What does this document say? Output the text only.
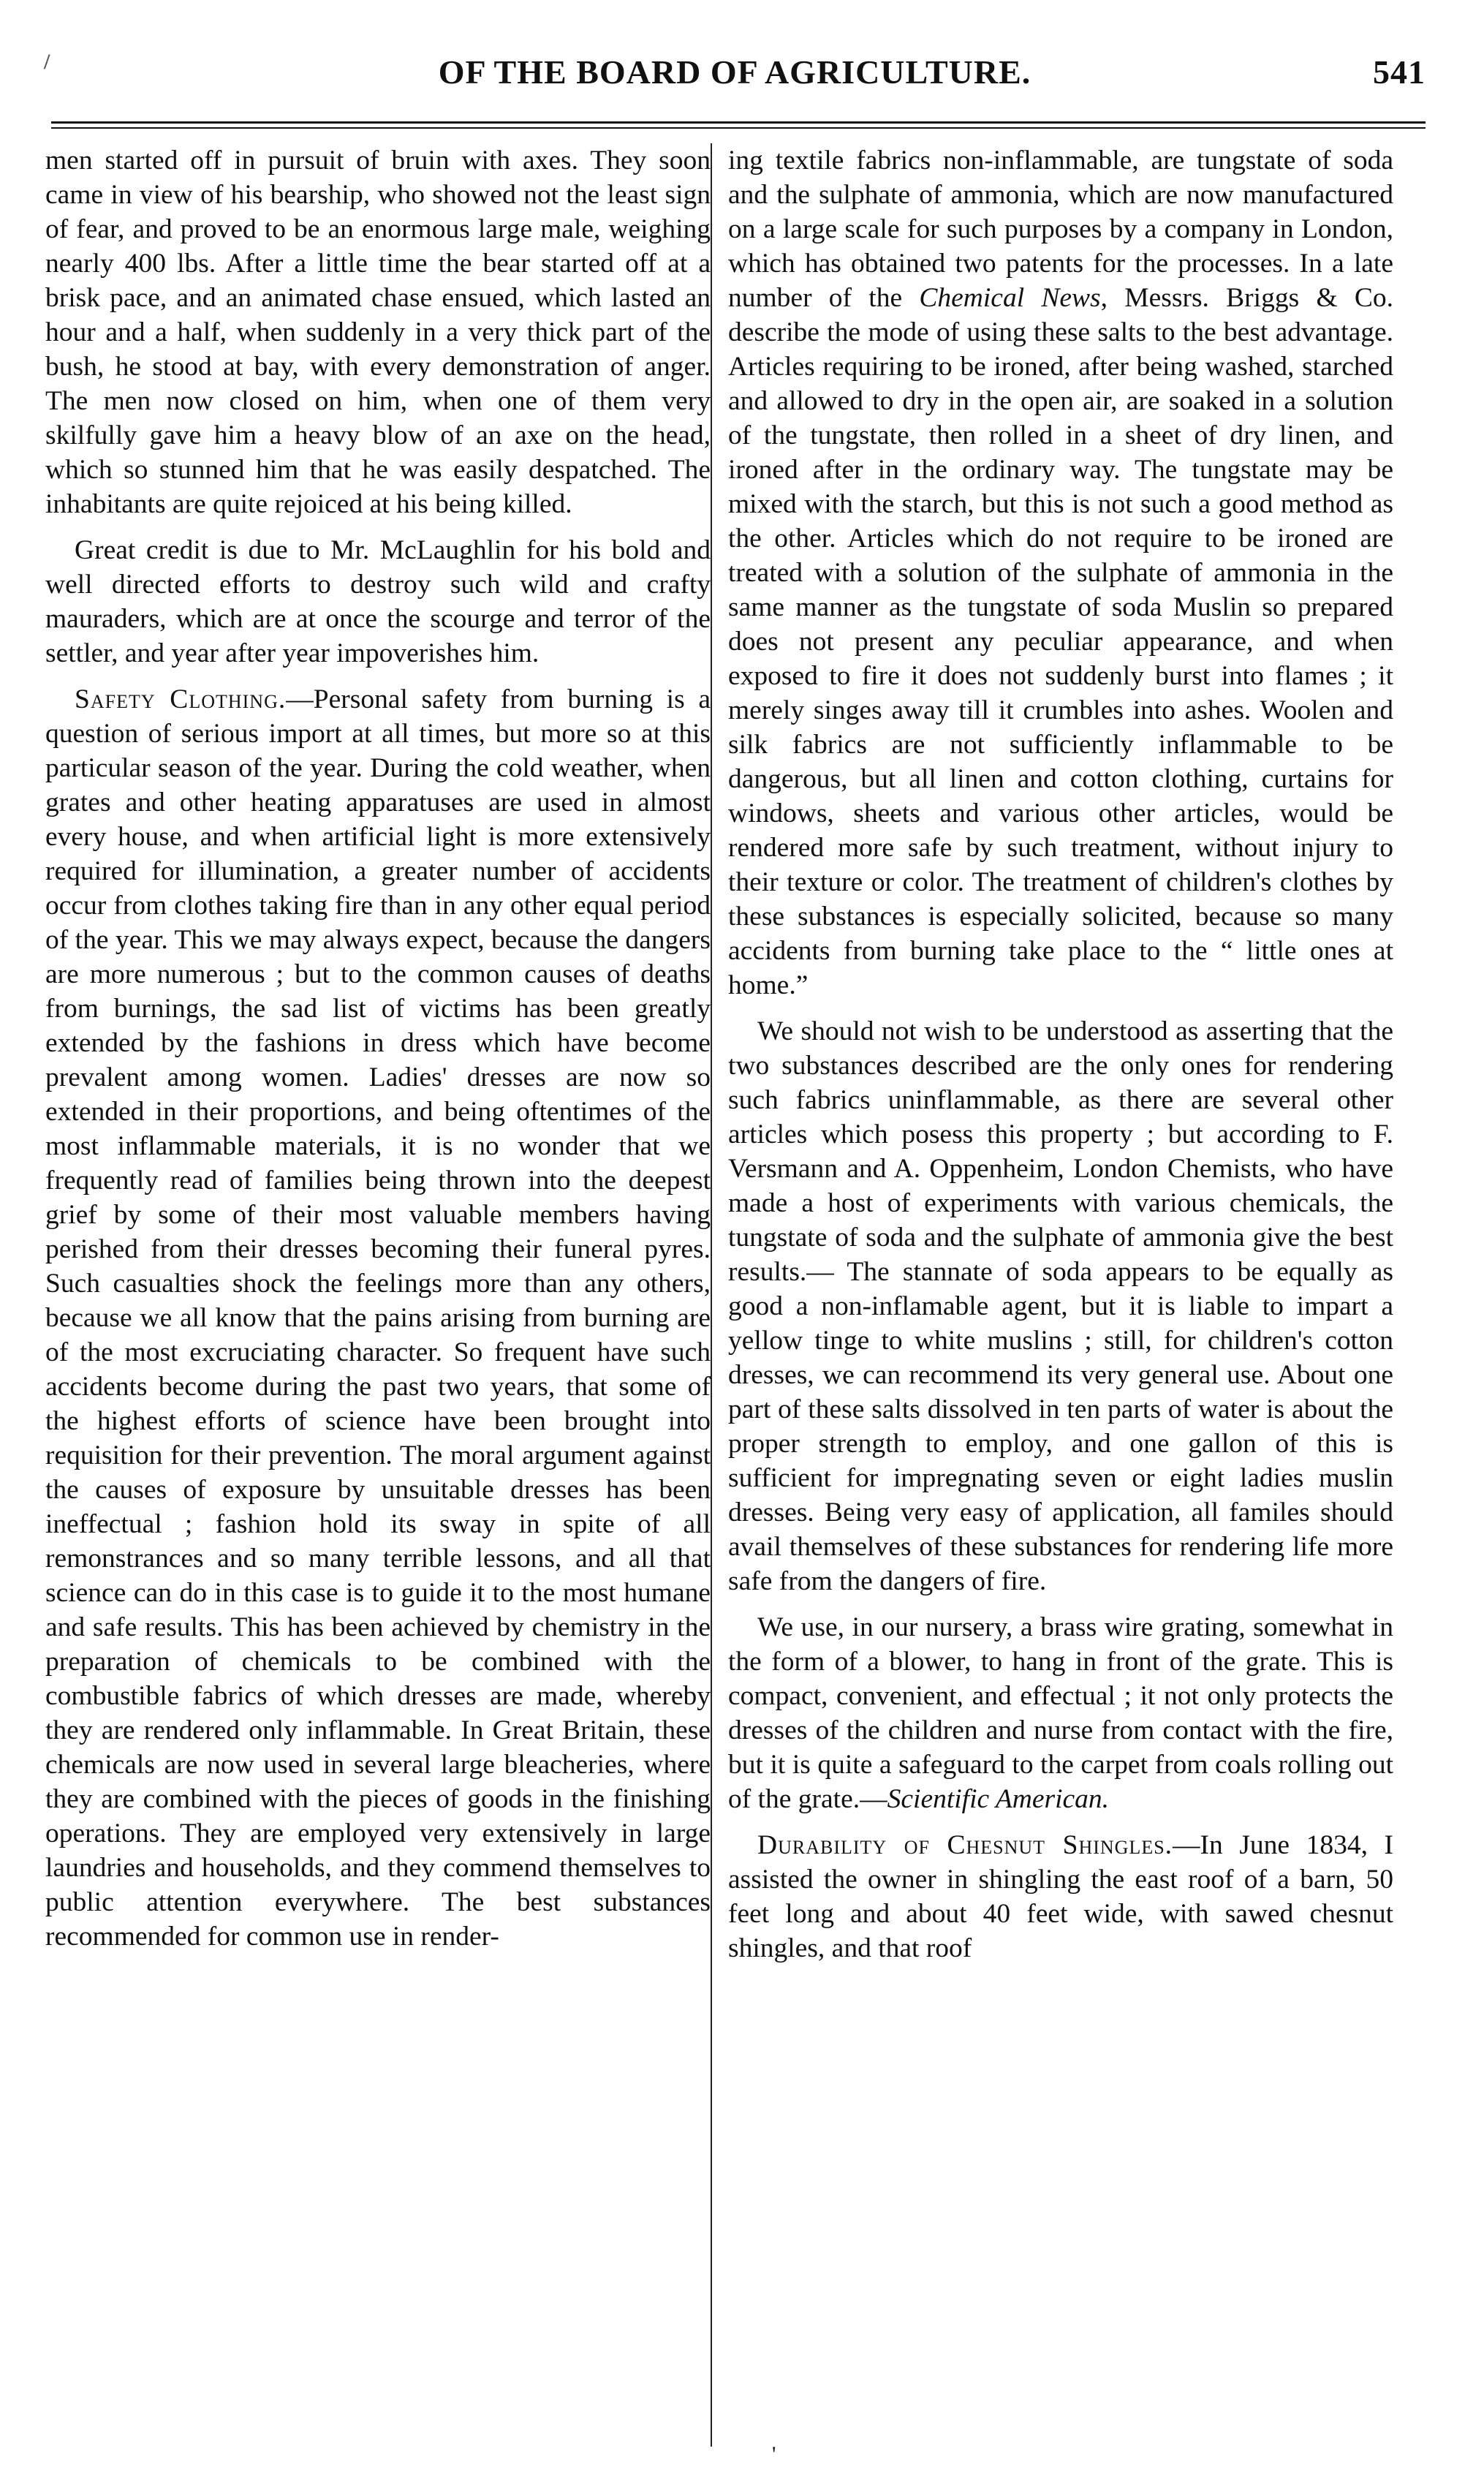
/	OF THE BOARD OF AGRICULTURE.	541

men started off in pursuit of bruin with axes. They soon came in view of his bearship, who showed not the least sign of fear, and proved to be an enormous large male, weighing nearly 400 lbs. After a little time the bear started off at a brisk pace, and an animated chase ensued, which lasted an hour and a half, when suddenly in a very thick part of the bush, he stood at bay, with every demonstration of anger. The men now closed on him, when one of them very skilfully gave him a heavy blow of an axe on the head, which so stunned him that he was easily despatched. The inhabitants are quite rejoiced at his being killed.

Great credit is due to Mr. McLaughlin for his bold and well directed efforts to destroy such wild and crafty mauraders, which are at once the scourge and terror of the settler, and year after year impoverishes him.

Safety Clothing.—Personal safety from burning is a question of serious import at all times, but more so at this particular season of the year. During the cold weather, when grates and other heating apparatuses are used in almost every house, and when artificial light is more extensively required for illumination, a greater number of accidents occur from clothes taking fire than in any other equal period of the year. This we may always expect, because the dangers are more numerous ; but to the common causes of deaths from burnings, the sad list of victims has been greatly extended by the fashions in dress which have become prevalent among women. Ladies' dresses are now so extended in their proportions, and being oftentimes of the most inflammable materials, it is no wonder that we frequently read of families being thrown into the deepest grief by some of their most valuable members having perished from their dresses becoming their funeral pyres. Such casualties shock the feelings more than any others, because we all know that the pains arising from burning are of the most excruciating character. So frequent have such accidents become during the past two years, that some of the highest efforts of science have been brought into requisition for their prevention. The moral argument against the causes of exposure by unsuitable dresses has been ineffectual ; fashion hold its sway in spite of all remonstrances and so many terrible lessons, and all that science can do in this case is to guide it to the most humane and safe results. This has been achieved by chemistry in the preparation of chemicals to be combined with the combustible fabrics of which dresses are made, whereby they are rendered only inflammable. In Great Britain, these chemicals are now used in several large bleacheries, where they are combined with the pieces of goods in the finishing operations. They are employed very extensively in large laundries and households, and they commend themselves to public attention everywhere. The best substances recommended for common use in render-

ing textile fabrics non-inflammable, are tungstate of soda and the sulphate of ammonia, which are now manufactured on a large scale for such purposes by a company in London, which has obtained two patents for the processes. In a late number of the Chemical News, Messrs. Briggs & Co. describe the mode of using these salts to the best advantage. Articles requiring to be ironed, after being washed, starched and allowed to dry in the open air, are soaked in a solution of the tungstate, then rolled in a sheet of dry linen, and ironed after in the ordinary way. The tungstate may be mixed with the starch, but this is not such a good method as the other. Articles which do not require to be ironed are treated with a solution of the sulphate of ammonia in the same manner as the tungstate of soda Muslin so prepared does not present any peculiar appearance, and when exposed to fire it does not suddenly burst into flames ; it merely singes away till it crumbles into ashes. Woolen and silk fabrics are not sufficiently inflammable to be dangerous, but all linen and cotton clothing, curtains for windows, sheets and various other articles, would be rendered more safe by such treatment, without injury to their texture or color. The treatment of children's clothes by these substances is especially solicited, because so many accidents from burning take place to the “ little ones at home.”

We should not wish to be understood as asserting that the two substances described are the only ones for rendering such fabrics uninflammable, as there are several other articles which posess this property ; but according to F. Versmann and A. Oppenheim, London Chemists, who have made a host of experiments with various chemicals, the tungstate of soda and the sulphate of ammonia give the best results.— The stannate of soda appears to be equally as good a non-inflamable agent, but it is liable to impart a yellow tinge to white muslins ; still, for children's cotton dresses, we can recommend its very general use. About one part of these salts dissolved in ten parts of water is about the proper strength to employ, and one gallon of this is sufficient for impregnating seven or eight ladies muslin dresses. Being very easy of application, all familes should avail themselves of these substances for rendering life more safe from the dangers of fire.

We use, in our nursery, a brass wire grating, somewhat in the form of a blower, to hang in front of the grate. This is compact, convenient, and effectual ; it not only protects the dresses of the children and nurse from contact with the fire, but it is quite a safeguard to the carpet from coals rolling out of the grate.—Scientific American.

Durability of Chesnut Shingles.—In June 1834, I assisted the owner in shingling the east roof of a barn, 50 feet long and about 40 feet wide, with sawed chesnut shingles, and that roof

'
